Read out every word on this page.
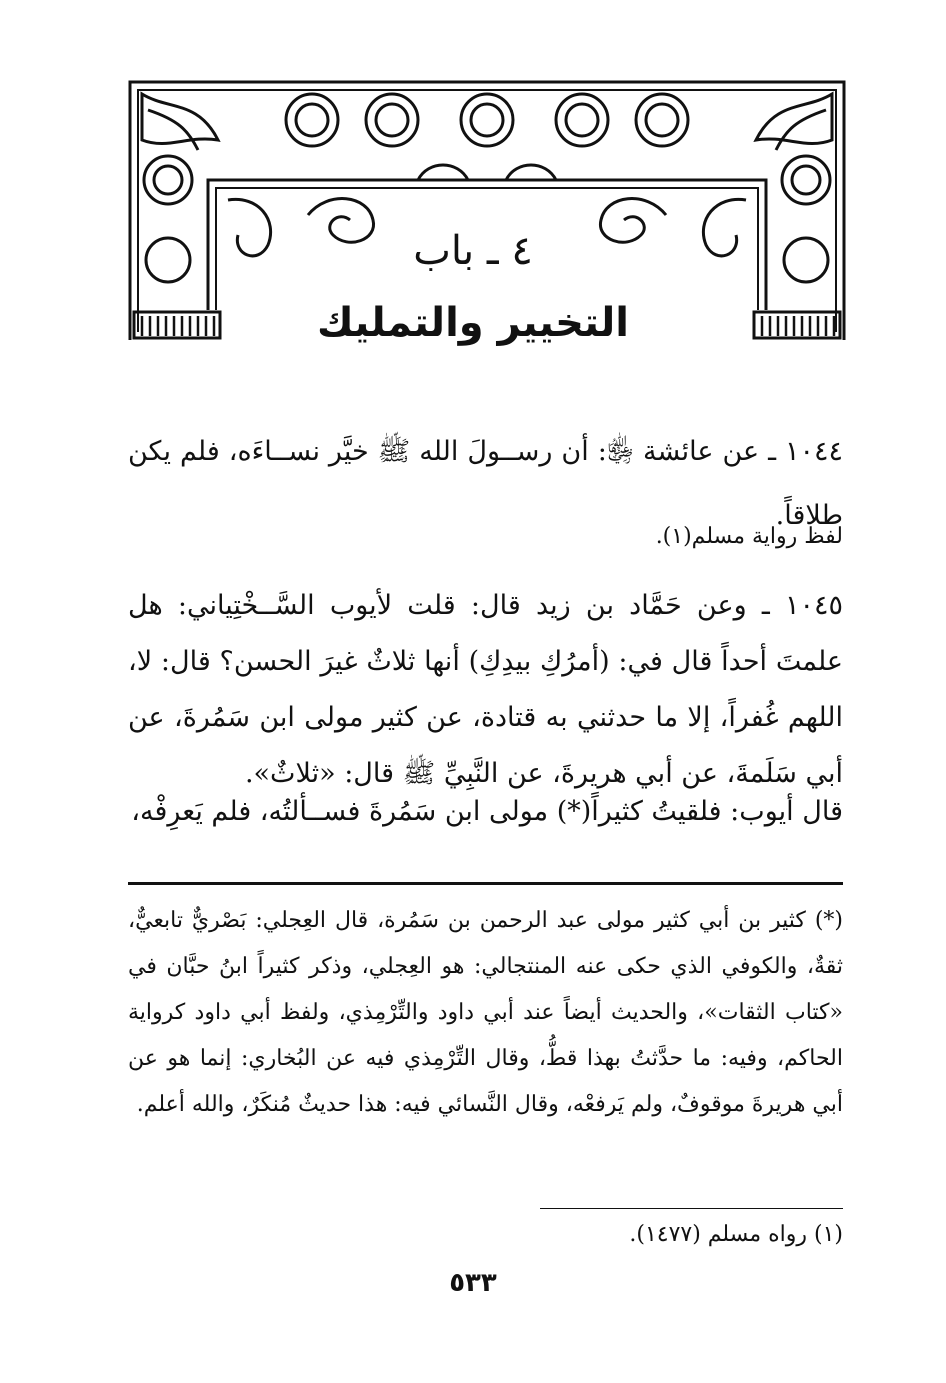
٤ ـ باب
التخيير والتمليك

١٠٤٤ ـ عن عائشة ﵂: أن رســولَ الله ﷺ خيَّر نســاءَه، فلم يكن طلاقاً.

لفظ رواية مسلم(١).

١٠٤٥ ـ وعن حَمَّاد بن زيد قال: قلت لأيوب السَّــخْتِياني: هل علمتَ أحداً قال في: (أمرُكِ بيدِكِ) أنها ثلاثٌ غيرَ الحسن؟ قال: لا، اللهم غُفراً، إلا ما حدثني به قتادة، عن كثير مولى ابن سَمُرةَ، عن أبي سَلَمةَ، عن أبي هريرةَ، عن النَّبِيِّ ﷺ قال: «ثلاثٌ».

قال أيوب: فلقيتُ كثيراً(*) مولى ابن سَمُرةَ فســألتُه، فلم يَعرِفْه،

(*) كثير بن أبي كثير مولى عبد الرحمن بن سَمُرة، قال العِجلي: بَصْريٌّ تابعيٌّ، ثقةٌ، والكوفي الذي حكى عنه المنتجالي: هو العِجلي، وذكر كثيراً ابنُ حبَّان في «كتاب الثقات»، والحديث أيضاً عند أبي داود والتِّرْمِذي، ولفظ أبي داود كرواية الحاكم، وفيه: ما حدَّثتُ بهذا قطُّ، وقال التِّرْمِذي فيه عن البُخاري: إنما هو عن أبي هريرةَ موقوفٌ، ولم يَرفعْه، وقال النَّسائي فيه: هذا حديثٌ مُنكَرٌ، والله أعلم.

(١) رواه مسلم (١٤٧٧).

٥٣٣
